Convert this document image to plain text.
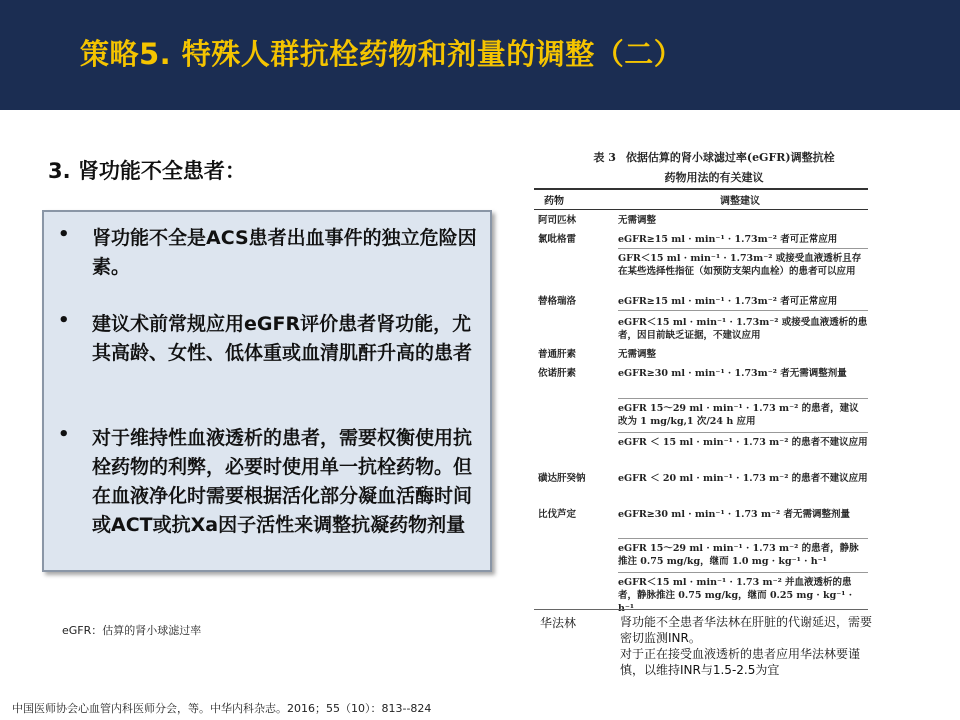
策略5. 特殊人群抗栓药物和剂量的调整（二）
3. 肾功能不全患者：
• 肾功能不全是ACS患者出血事件的独立危险因素。
• 建议术前常规应用eGFR评价患者肾功能，尤其高龄、女性、低体重或血清肌酐升高的患者
• 对于维持性血液透析的患者，需要权衡使用抗栓药物的利弊，必要时使用单一抗栓药物。但在血液净化时需要根据活化部分凝血活酶时间或ACT或抗Xa因子活性来调整抗凝药物剂量
eGFR：估算的肾小球滤过率
中国医师协会心血管内科医师分会，等。中华内科杂志。2016；55（10）：813--824
表 3 依据估算的肾小球滤过率(eGFR)调整抗栓
药物用法的有关建议
药物	调整建议
阿司匹林	无需调整
氯吡格雷	eGFR≥15 ml · min⁻¹ · 1.73m⁻² 者可正常应用
GFR＜15 ml · min⁻¹ · 1.73m⁻² 或接受血液透析且存在某些选择性指征（如预防支架内血栓）的患者可以应用
替格瑞洛	eGFR≥15 ml · min⁻¹ · 1.73m⁻² 者可正常应用
eGFR＜15 ml · min⁻¹ · 1.73m⁻² 或接受血液透析的患者，因目前缺乏证据，不建议应用
普通肝素	无需调整
依诺肝素	eGFR≥30 ml · min⁻¹ · 1.73m⁻² 者无需调整剂量
eGFR 15～29 ml · min⁻¹ · 1.73 m⁻² 的患者，建议改为 1 mg/kg,1 次/24 h 应用
eGFR ＜ 15 ml · min⁻¹ · 1.73 m⁻² 的患者不建议应用
磺达肝癸钠	eGFR ＜ 20 ml · min⁻¹ · 1.73 m⁻² 的患者不建议应用
比伐芦定	eGFR≥30 ml · min⁻¹ · 1.73 m⁻² 者无需调整剂量
eGFR 15～29 ml · min⁻¹ · 1.73 m⁻² 的患者，静脉推注 0.75 mg/kg，继而 1.0 mg · kg⁻¹ · h⁻¹
eGFR＜15 ml · min⁻¹ · 1.73 m⁻² 并血液透析的患者，静脉推注 0.75 mg/kg，继而 0.25 mg · kg⁻¹ ·
华法林	肾功能不全患者华法林在肝脏的代谢延迟，需要密切监测INR。
对于正在接受血液透析的患者应用华法林要谨慎，以维持INR与1.5-2.5为宜
